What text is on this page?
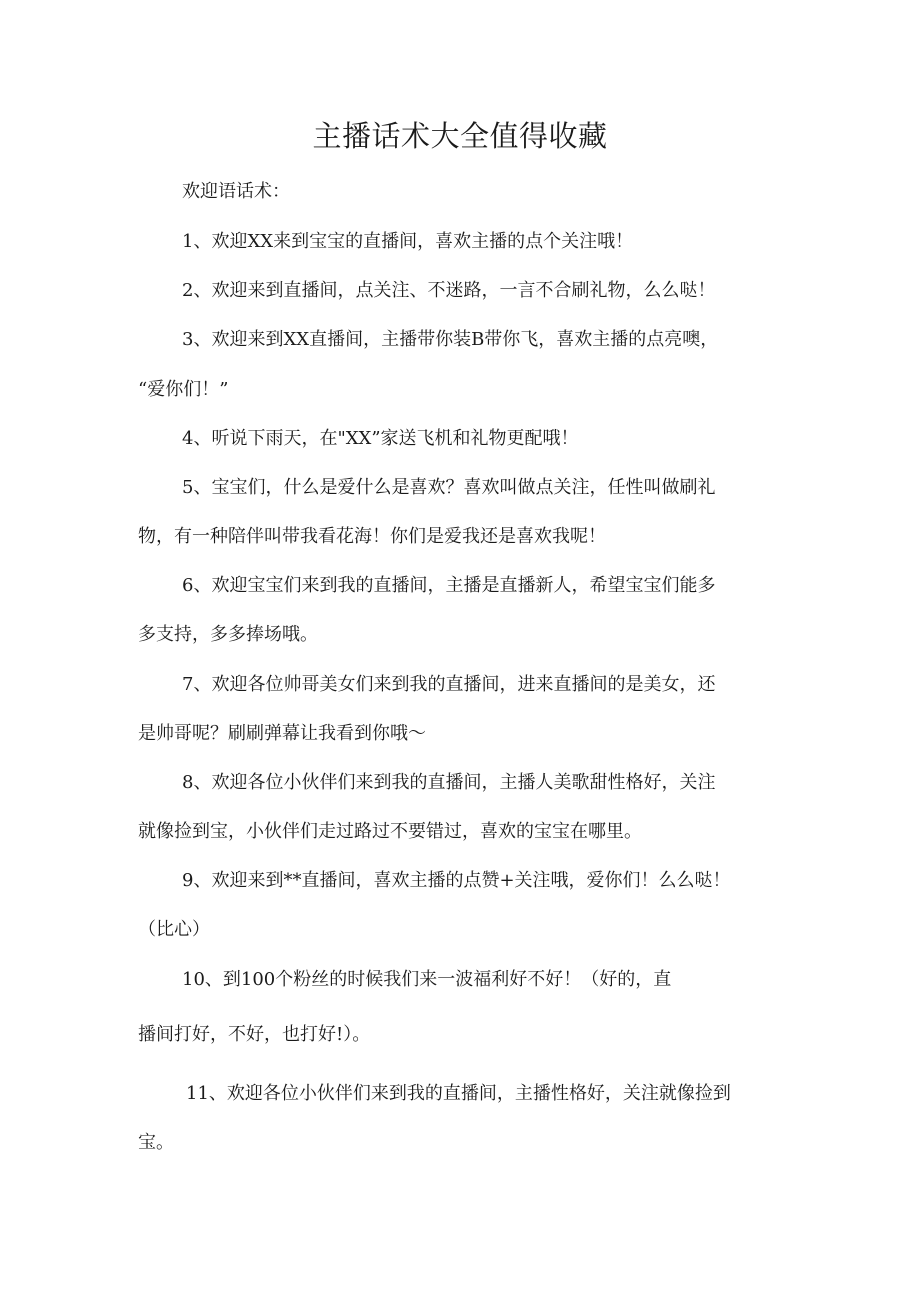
主播话术大全值得收藏

欢迎语话术：

1、欢迎XX来到宝宝的直播间，喜欢主播的点个关注哦！

2、欢迎来到直播间，点关注、不迷路，一言不合刷礼物，么么哒！

3、欢迎来到XX直播间，主播带你装B带你飞，喜欢主播的点亮噢，

“爱你们！”

4、听说下雨天，在"XX”家送飞机和礼物更配哦！

5、宝宝们，什么是爱什么是喜欢？喜欢叫做点关注，任性叫做刷礼

物，有一种陪伴叫带我看花海！你们是爱我还是喜欢我呢！

6、欢迎宝宝们来到我的直播间，主播是直播新人，希望宝宝们能多

多支持，多多捧场哦。

7、欢迎各位帅哥美女们来到我的直播间，进来直播间的是美女，还

是帅哥呢？刷刷弹幕让我看到你哦～

8、欢迎各位小伙伴们来到我的直播间，主播人美歌甜性格好，关注

就像捡到宝，小伙伴们走过路过不要错过，喜欢的宝宝在哪里。

9、欢迎来到**直播间，喜欢主播的点赞+关注哦，爱你们！么么哒！

（比心）

10、到100个粉丝的时候我们来一波福利好不好！（好的，直

播间打好，不好，也打好!）。

11、欢迎各位小伙伴们来到我的直播间，主播性格好，关注就像捡到

宝。
